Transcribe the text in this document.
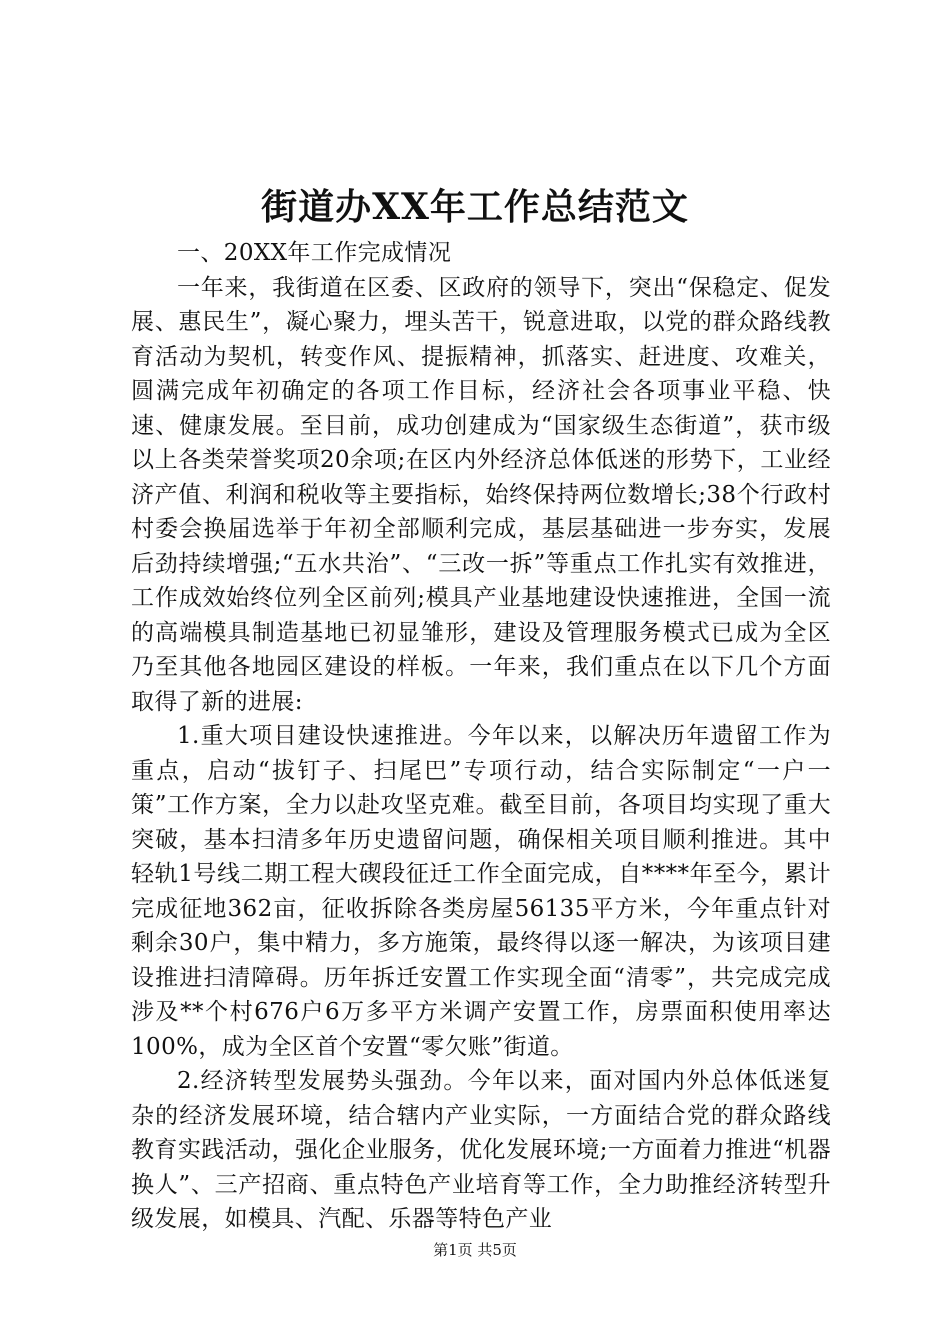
街道办XX年工作总结范文

一、20XX年工作完成情况

一年来，我街道在区委、区政府的领导下，突出“保稳定、促发展、惠民生”，凝心聚力，埋头苦干，锐意进取，以党的群众路线教育活动为契机，转变作风、提振精神，抓落实、赶进度、攻难关，圆满完成年初确定的各项工作目标，经济社会各项事业平稳、快速、健康发展。至目前，成功创建成为“国家级生态街道”，获市级以上各类荣誉奖项20余项;在区内外经济总体低迷的形势下，工业经济产值、利润和税收等主要指标，始终保持两位数增长;38个行政村村委会换届选举于年初全部顺利完成，基层基础进一步夯实，发展后劲持续增强;“五水共治”、“三改一拆”等重点工作扎实有效推进，工作成效始终位列全区前列;模具产业基地建设快速推进，全国一流的高端模具制造基地已初显雏形，建设及管理服务模式已成为全区乃至其他各地园区建设的样板。一年来，我们重点在以下几个方面取得了新的进展:

1.重大项目建设快速推进。今年以来，以解决历年遗留工作为重点，启动“拔钉子、扫尾巴”专项行动，结合实际制定“一户一策”工作方案，全力以赴攻坚克难。截至目前，各项目均实现了重大突破，基本扫清多年历史遗留问题，确保相关项目顺利推进。其中轻轨1号线二期工程大碶段征迁工作全面完成，自****年至今，累计完成征地362亩，征收拆除各类房屋56135平方米，今年重点针对剩余30户，集中精力，多方施策，最终得以逐一解决，为该项目建设推进扫清障碍。历年拆迁安置工作实现全面“清零”，共完成完成涉及**个村676户6万多平方米调产安置工作，房票面积使用率达100%，成为全区首个安置“零欠账”街道。

2.经济转型发展势头强劲。今年以来，面对国内外总体低迷复杂的经济发展环境，结合辖内产业实际，一方面结合党的群众路线教育实践活动，强化企业服务，优化发展环境;一方面着力推进“机器换人”、三产招商、重点特色产业培育等工作，全力助推经济转型升级发展，如模具、汽配、乐器等特色产业

第1页 共5页
